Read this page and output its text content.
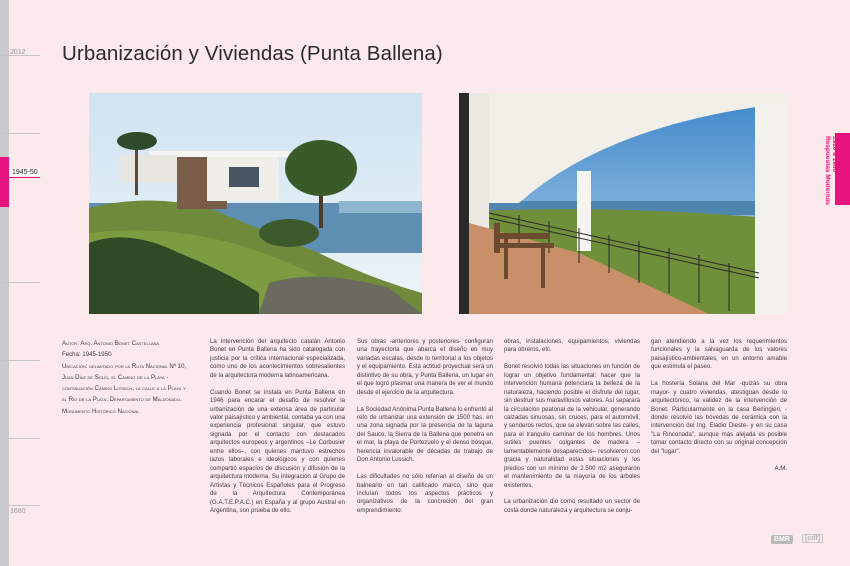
2012
1945-50
1680
Urbanización y Viviendas (Punta Ballena)
Autor: Arq. Antonio Bonet Castellana
Fecha: 1945-1950
Ubicación: delimitado por la Ruta Nacional Nº 10, Juan Díaz de Solís, el Camino de la Playa - continuación Camino Lussich, la calle a la Playa y el Río de la Plata. Departamento de Maldonado.
Monumento Histórico Nacional

La intervención del arquitecto catalán Antonio Bonet en Punta Ballena ha sido catalogada con justicia por la crítica internacional especializada, como uno de los acontecimientos sobresalientes de la arquitectura moderna latinoamericana.

Cuando Bonet se instala en Punta Ballena en 1946 para encarar el desafío de resolver la urbanización de una extensa área de particular valor paisajístico y ambiental, contaba ya con una experiencia profesional singular, que estuvo signada por el contacto con destacados arquitectos europeos y argentinos –Le Corbusier entre ellos–, con quienes mantuvo estrechos lazos laborales e ideológicos y con quienes compartió espacios de discusión y difusión de la arquitectura moderna. Su integración al Grupo de Artistas y Técnicos Españoles para el Progreso de la Arquitectura Contemporánea (G.A.T.E.P.A.C.) en España y al grupo Austral en Argentina, son prueba de ello.

Sus obras -anteriores y posteriores- configuran una trayectoria que abarca el diseño en muy variadas escalas, desde lo territorial a los objetos y el equipamiento. Esta actitud proyectual será un distintivo de su obra, y Punta Ballena, un lugar en el que logró plasmar una manera de ver el mundo desde el ejercicio de la arquitectura.

La Sociedad Anónima Punta Ballena lo enfrentó al reto de urbanizar una extensión de 1500 hás. en una zona signada por la presencia de la laguna del Sauce, la Sierra de la Ballena que penetra en el mar, la playa de Portezuelo y el denso bosque, herencia invalorable de décadas de trabajo de Don Antonio Lussich.

Las dificultades no sólo referían al diseño de un balneario en tan calificado marco, sino que incluían todos los aspectos prácticos y organizativos de la concreción del gran emprendimiento:

obras, instalaciones, equipamientos, viviendas para obreros, etc.

Bonet resolvió todas las situaciones en función de lograr un objetivo fundamental: hacer que la intervención humana potenciara la belleza de la naturaleza, haciendo posible el disfrute del lugar, sin destruir sus maravillosos valores. Así separará la circulación peatonal de la vehicular, generando calzadas sinuosas, sin cruces, para el automóvil, y senderos rectos, que se elevan sobre las calles, para el tranquilo caminar de los hombres. Unos sutiles puentes colgantes de madera –lamentablemente desaparecidos– resolvieron con gracia y naturalidad estas situaciones y los predios con un mínimo de 2.500 m2 aseguraron el mantenimiento de la mayoría de los árboles existentes.

La urbanización dio como resultado un sector de costa donde naturaleza y arquitectura se conju-

gan atendiendo a la vez los requerimientos funcionales y la salvaguarda de los valores paisajístico-ambientales, en un entorno amable que estimula el paseo.

La hostería Solana del Mar -quizás su obra mayor- y cuatro viviendas, atestiguan desde lo arquitectónico, la validez de la intervención de Bonet. Particularmente en la casa Berlingieri, -donde resolvió las bóvedas de cerámica con la intervención del Ing. Eladio Dieste- y en su casa "La Rinconada", aunque más alejada es posible tomar contacto directo con su original concepción del "lugar".

A.M.
1920 a 1980
Respuestas Modernas
BMR	[cdf]
